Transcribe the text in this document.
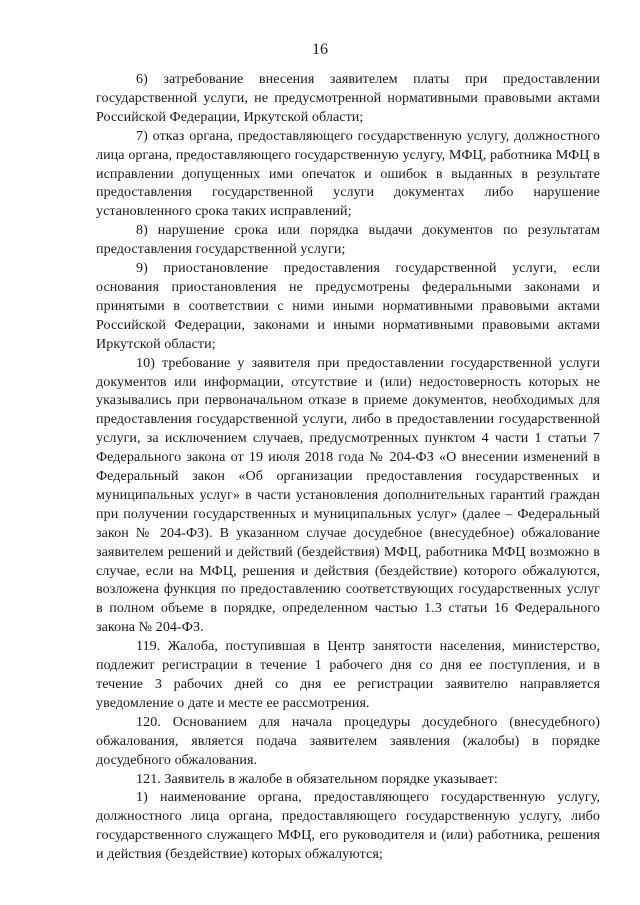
16

6) затребование внесения заявителем платы при предоставлении государственной услуги, не предусмотренной нормативными правовыми актами Российской Федерации, Иркутской области;

7) отказ органа, предоставляющего государственную услугу, должностного лица органа, предоставляющего государственную услугу, МФЦ, работника МФЦ в исправлении допущенных ими опечаток и ошибок в выданных в результате предоставления государственной услуги документах либо нарушение установленного срока таких исправлений;

8) нарушение срока или порядка выдачи документов по результатам предоставления государственной услуги;

9) приостановление предоставления государственной услуги, если основания приостановления не предусмотрены федеральными законами и принятыми в соответствии с ними иными нормативными правовыми актами Российской Федерации, законами и иными нормативными правовыми актами Иркутской области;

10) требование у заявителя при предоставлении государственной услуги документов или информации, отсутствие и (или) недостоверность которых не указывались при первоначальном отказе в приеме документов, необходимых для предоставления государственной услуги, либо в предоставлении государственной услуги, за исключением случаев, предусмотренных пунктом 4 части 1 статьи 7 Федерального закона от 19 июля 2018 года № 204-ФЗ «О внесении изменений в Федеральный закон «Об организации предоставления государственных и муниципальных услуг» в части установления дополнительных гарантий граждан при получении государственных и муниципальных услуг» (далее – Федеральный закон № 204-ФЗ). В указанном случае досудебное (внесудебное) обжалование заявителем решений и действий (бездействия) МФЦ, работника МФЦ возможно в случае, если на МФЦ, решения и действия (бездействие) которого обжалуются, возложена функция по предоставлению соответствующих государственных услуг в полном объеме в порядке, определенном частью 1.3 статьи 16 Федерального закона № 204-ФЗ.

119. Жалоба, поступившая в Центр занятости населения, министерство, подлежит регистрации в течение 1 рабочего дня со дня ее поступления, и в течение 3 рабочих дней со дня ее регистрации заявителю направляется уведомление о дате и месте ее рассмотрения.

120. Основанием для начала процедуры досудебного (внесудебного) обжалования, является подача заявителем заявления (жалобы) в порядке досудебного обжалования.

121. Заявитель в жалобе в обязательном порядке указывает:

1) наименование органа, предоставляющего государственную услугу, должностного лица органа, предоставляющего государственную услугу, либо государственного служащего МФЦ, его руководителя и (или) работника, решения и действия (бездействие) которых обжалуются;
